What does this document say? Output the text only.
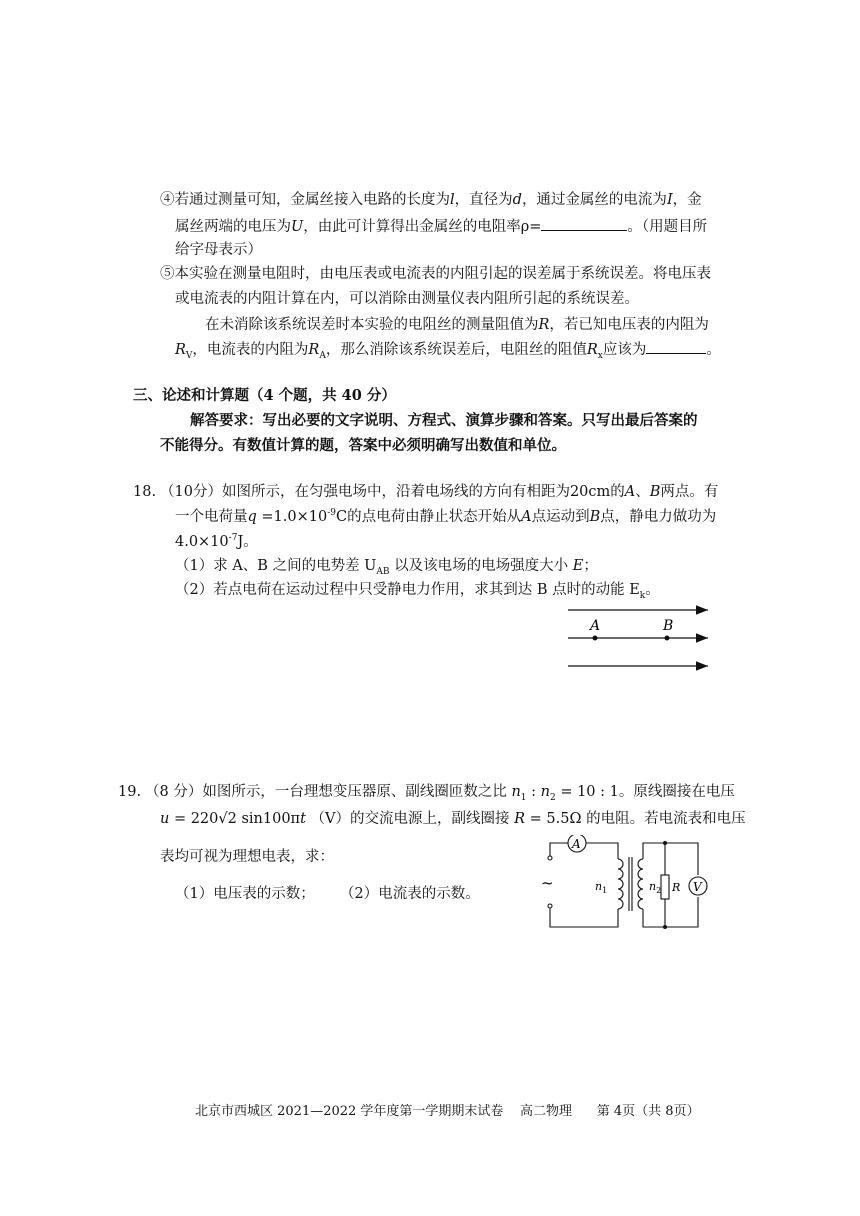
④若通过测量可知，金属丝接入电路的长度为l，直径为d，通过金属丝的电流为I，金
属丝两端的电压为U，由此可计算得出金属丝的电阻率ρ=	。（用题目所
给字母表示）
⑤本实验在测量电阻时，由电压表或电流表的内阻引起的误差属于系统误差。将电压表
或电流表的内阻计算在内，可以消除由测量仪表内阻所引起的系统误差。
在未消除该系统误差时本实验的电阻丝的测量阻值为R，若已知电压表的内阻为
$R_V$，电流表的内阻为$R_A$，那么消除该系统误差后，电阻丝的阻值$R_x$应该为	。
三、论述和计算题（4 个题，共 40 分）
解答要求：写出必要的文字说明、方程式、演算步骤和答案。只写出最后答案的
不能得分。有数值计算的题，答案中必须明确写出数值和单位。
18. （10分）如图所示，在匀强电场中，沿着电场线的方向有相距为20cm的A、B两点。有
一个电荷量$q =1.0\times 10^{-9}C$的点电荷由静止状态开始从A点运动到B点，静电力做功为
$4.0\times 10^{-7}J$。
（1）求 A、B 之间的电势差 $U_{AB}$ 以及该电场的电场强度大小 E；
（2）若点电荷在运动过程中只受静电力作用，求其到达 B 点时的动能 $E_k$。
A	B
19. （8 分）如图所示，一台理想变压器原、副线圈匝数之比 $n_1$ : $n_2 = 10$ : 1。原线圈接在电压
u = 220√2 sin100πt （V）的交流电源上，副线圈接 R = 5.5Ω 的电阻。若电流表和电压
表均可视为理想电表，求：
（1）电压表的示数； （2）电流表的示数。
A
V
~	$n_1$	$n_2$ R
北京市西城区 2021—2022 学年度第一学期期末试卷    高二物理      第 4页（共 8页）
